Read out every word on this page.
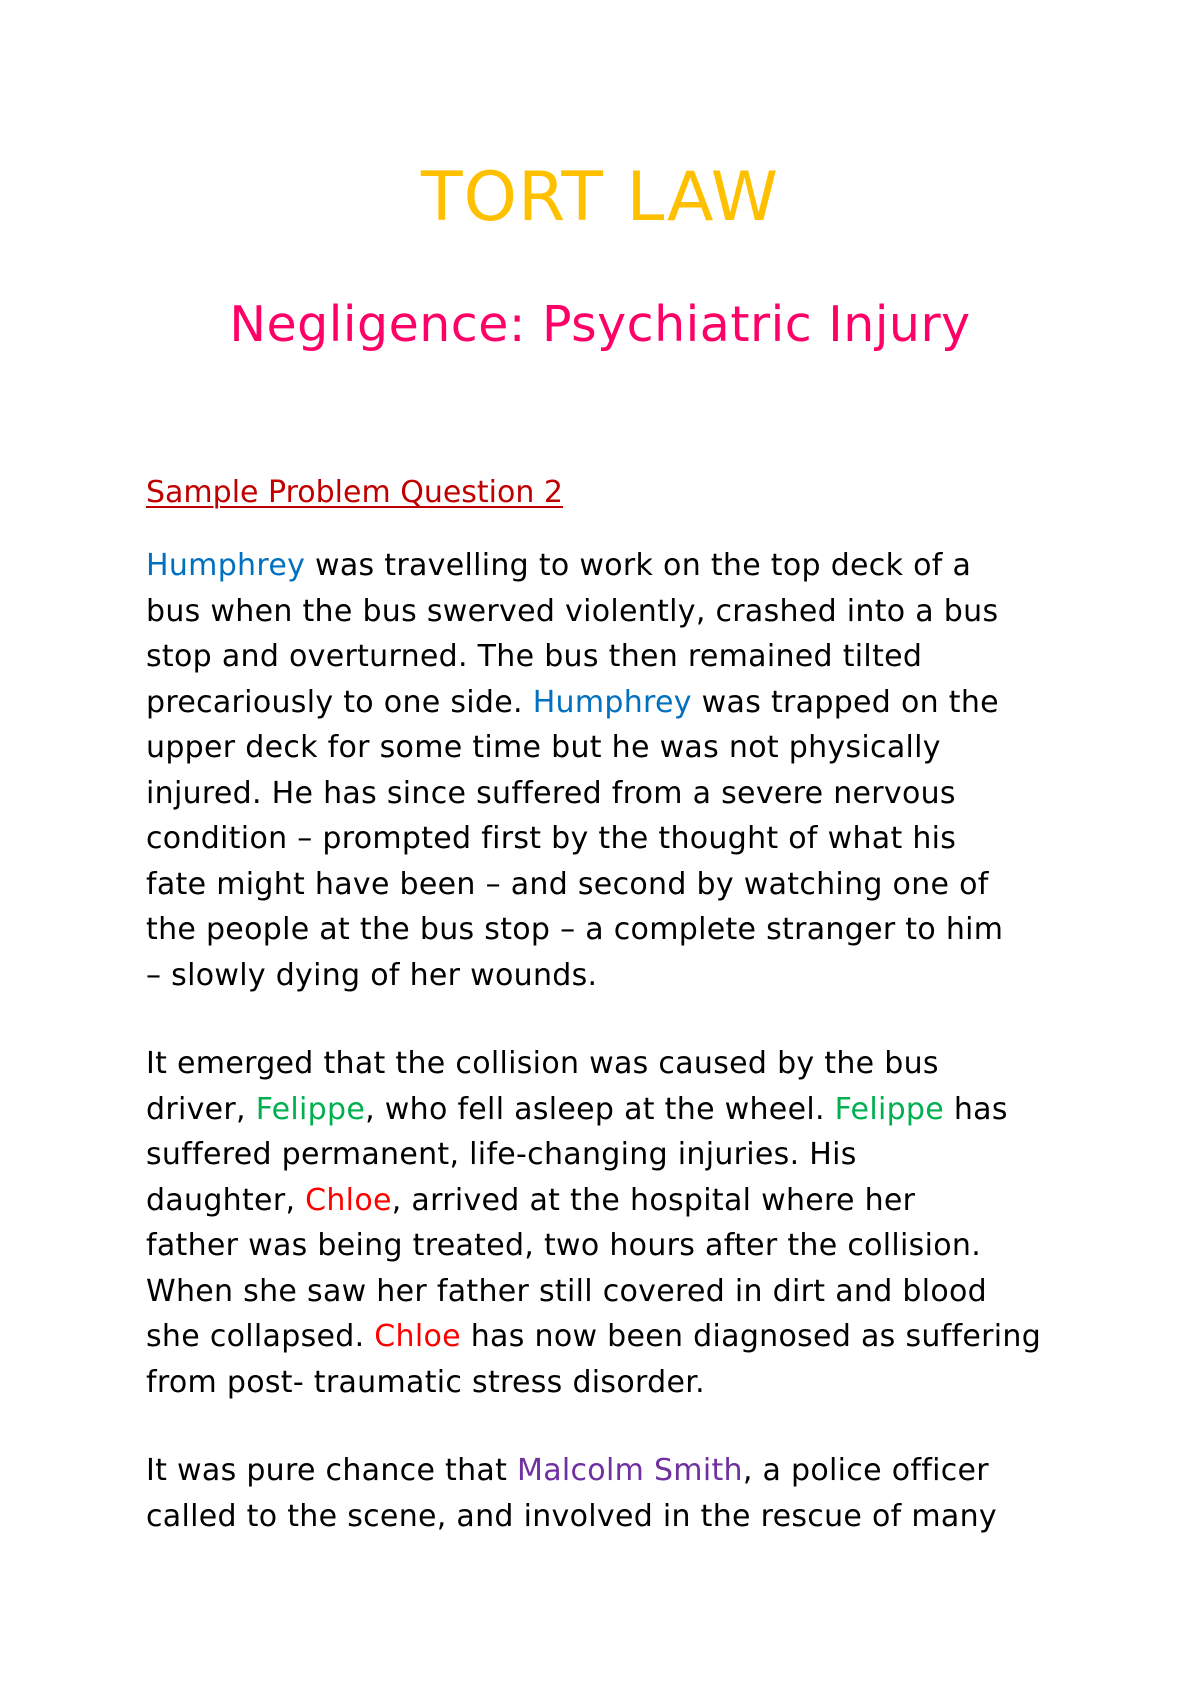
TORT LAW
Negligence: Psychiatric Injury
Sample Problem Question 2
Humphrey was travelling to work on the top deck of a
bus when the bus swerved violently, crashed into a bus
stop and overturned. The bus then remained tilted
precariously to one side. Humphrey was trapped on the
upper deck for some time but he was not physically
injured. He has since suffered from a severe nervous
condition – prompted first by the thought of what his
fate might have been – and second by watching one of
the people at the bus stop – a complete stranger to him
– slowly dying of her wounds.
It emerged that the collision was caused by the bus
driver, Felippe, who fell asleep at the wheel. Felippe has
suffered permanent, life-changing injuries. His
daughter, Chloe, arrived at the hospital where her
father was being treated, two hours after the collision.
When she saw her father still covered in dirt and blood
she collapsed. Chloe has now been diagnosed as suffering
from post- traumatic stress disorder.
It was pure chance that Malcolm Smith, a police officer
called to the scene, and involved in the rescue of many
